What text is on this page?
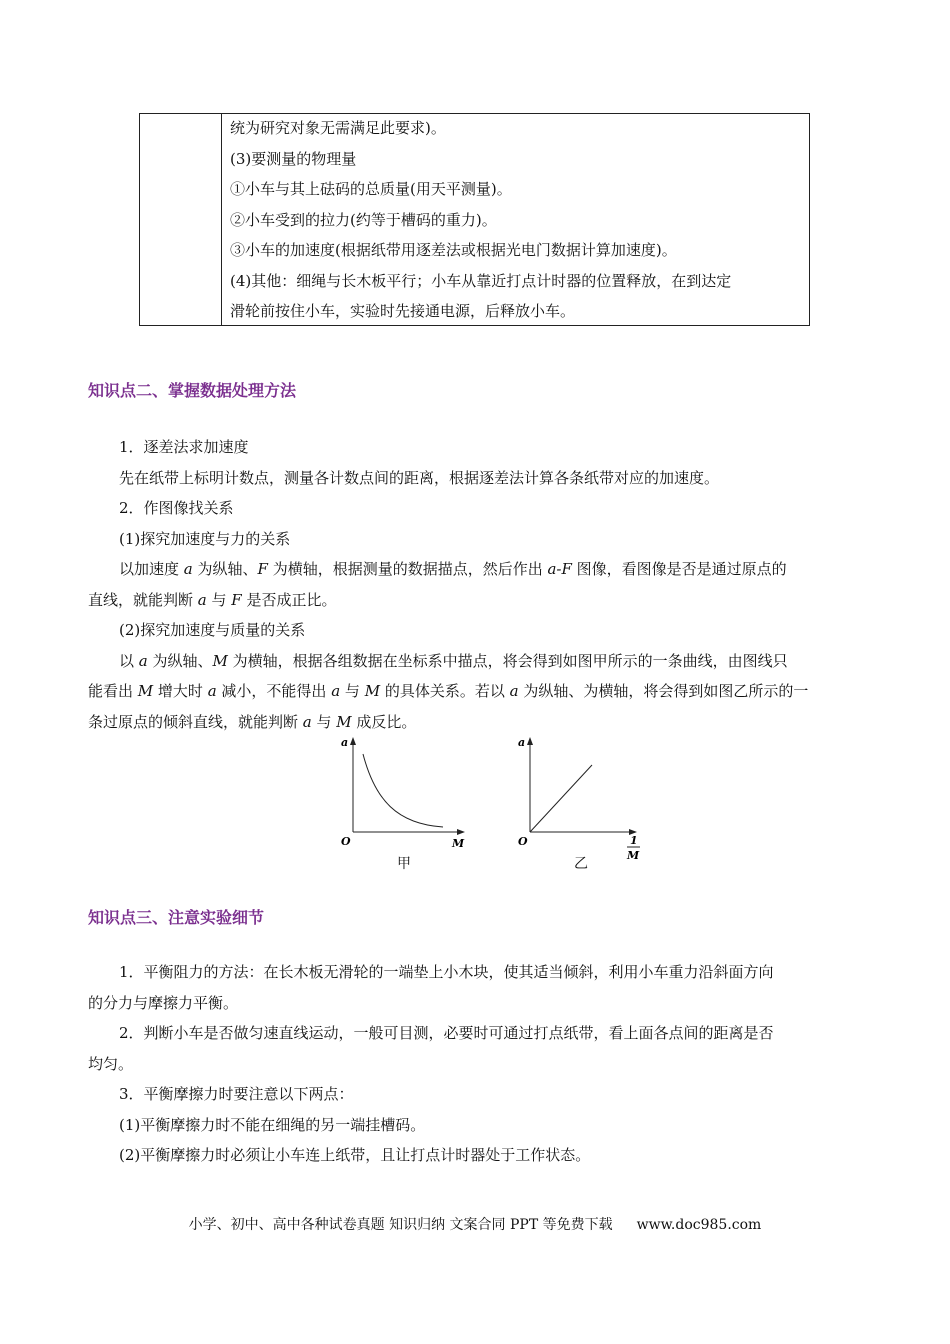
统为研究对象无需满足此要求)。
(3)要测量的物理量
①小车与其上砝码的总质量(用天平测量)。
②小车受到的拉力(约等于槽码的重力)。
③小车的加速度(根据纸带用逐差法或根据光电门数据计算加速度)。
(4)其他：细绳与长木板平行；小车从靠近打点计时器的位置释放，在到达定
滑轮前按住小车，实验时先接通电源，后释放小车。
知识点二、掌握数据处理方法
1．逐差法求加速度
先在纸带上标明计数点，测量各计数点间的距离，根据逐差法计算各条纸带对应的加速度。
2．作图像找关系
(1)探究加速度与力的关系
以加速度 a 为纵轴、F 为横轴，根据测量的数据描点，然后作出 a-F 图像，看图像是否是通过原点的
直线，就能判断 a 与 F 是否成正比。
(2)探究加速度与质量的关系
以 a 为纵轴、M 为横轴，根据各组数据在坐标系中描点，将会得到如图甲所示的一条曲线，由图线只
能看出 M 增大时 a 减小，不能得出 a 与 M 的具体关系。若以 a 为纵轴、为横轴，将会得到如图乙所示的一
条过原点的倾斜直线，就能判断 a 与 M 成反比。
a
M
O
甲
a
O	1
M
乙
知识点三、注意实验细节
1．平衡阻力的方法：在长木板无滑轮的一端垫上小木块，使其适当倾斜，利用小车重力沿斜面方向
的分力与摩擦力平衡。
2．判断小车是否做匀速直线运动，一般可目测，必要时可通过打点纸带，看上面各点间的距离是否
均匀。
3．平衡摩擦力时要注意以下两点：
(1)平衡摩擦力时不能在细绳的另一端挂槽码。
(2)平衡摩擦力时必须让小车连上纸带，且让打点计时器处于工作状态。
小学、初中、高中各种试卷真题 知识归纳 文案合同 PPT 等免费下载 www.doc985.com
